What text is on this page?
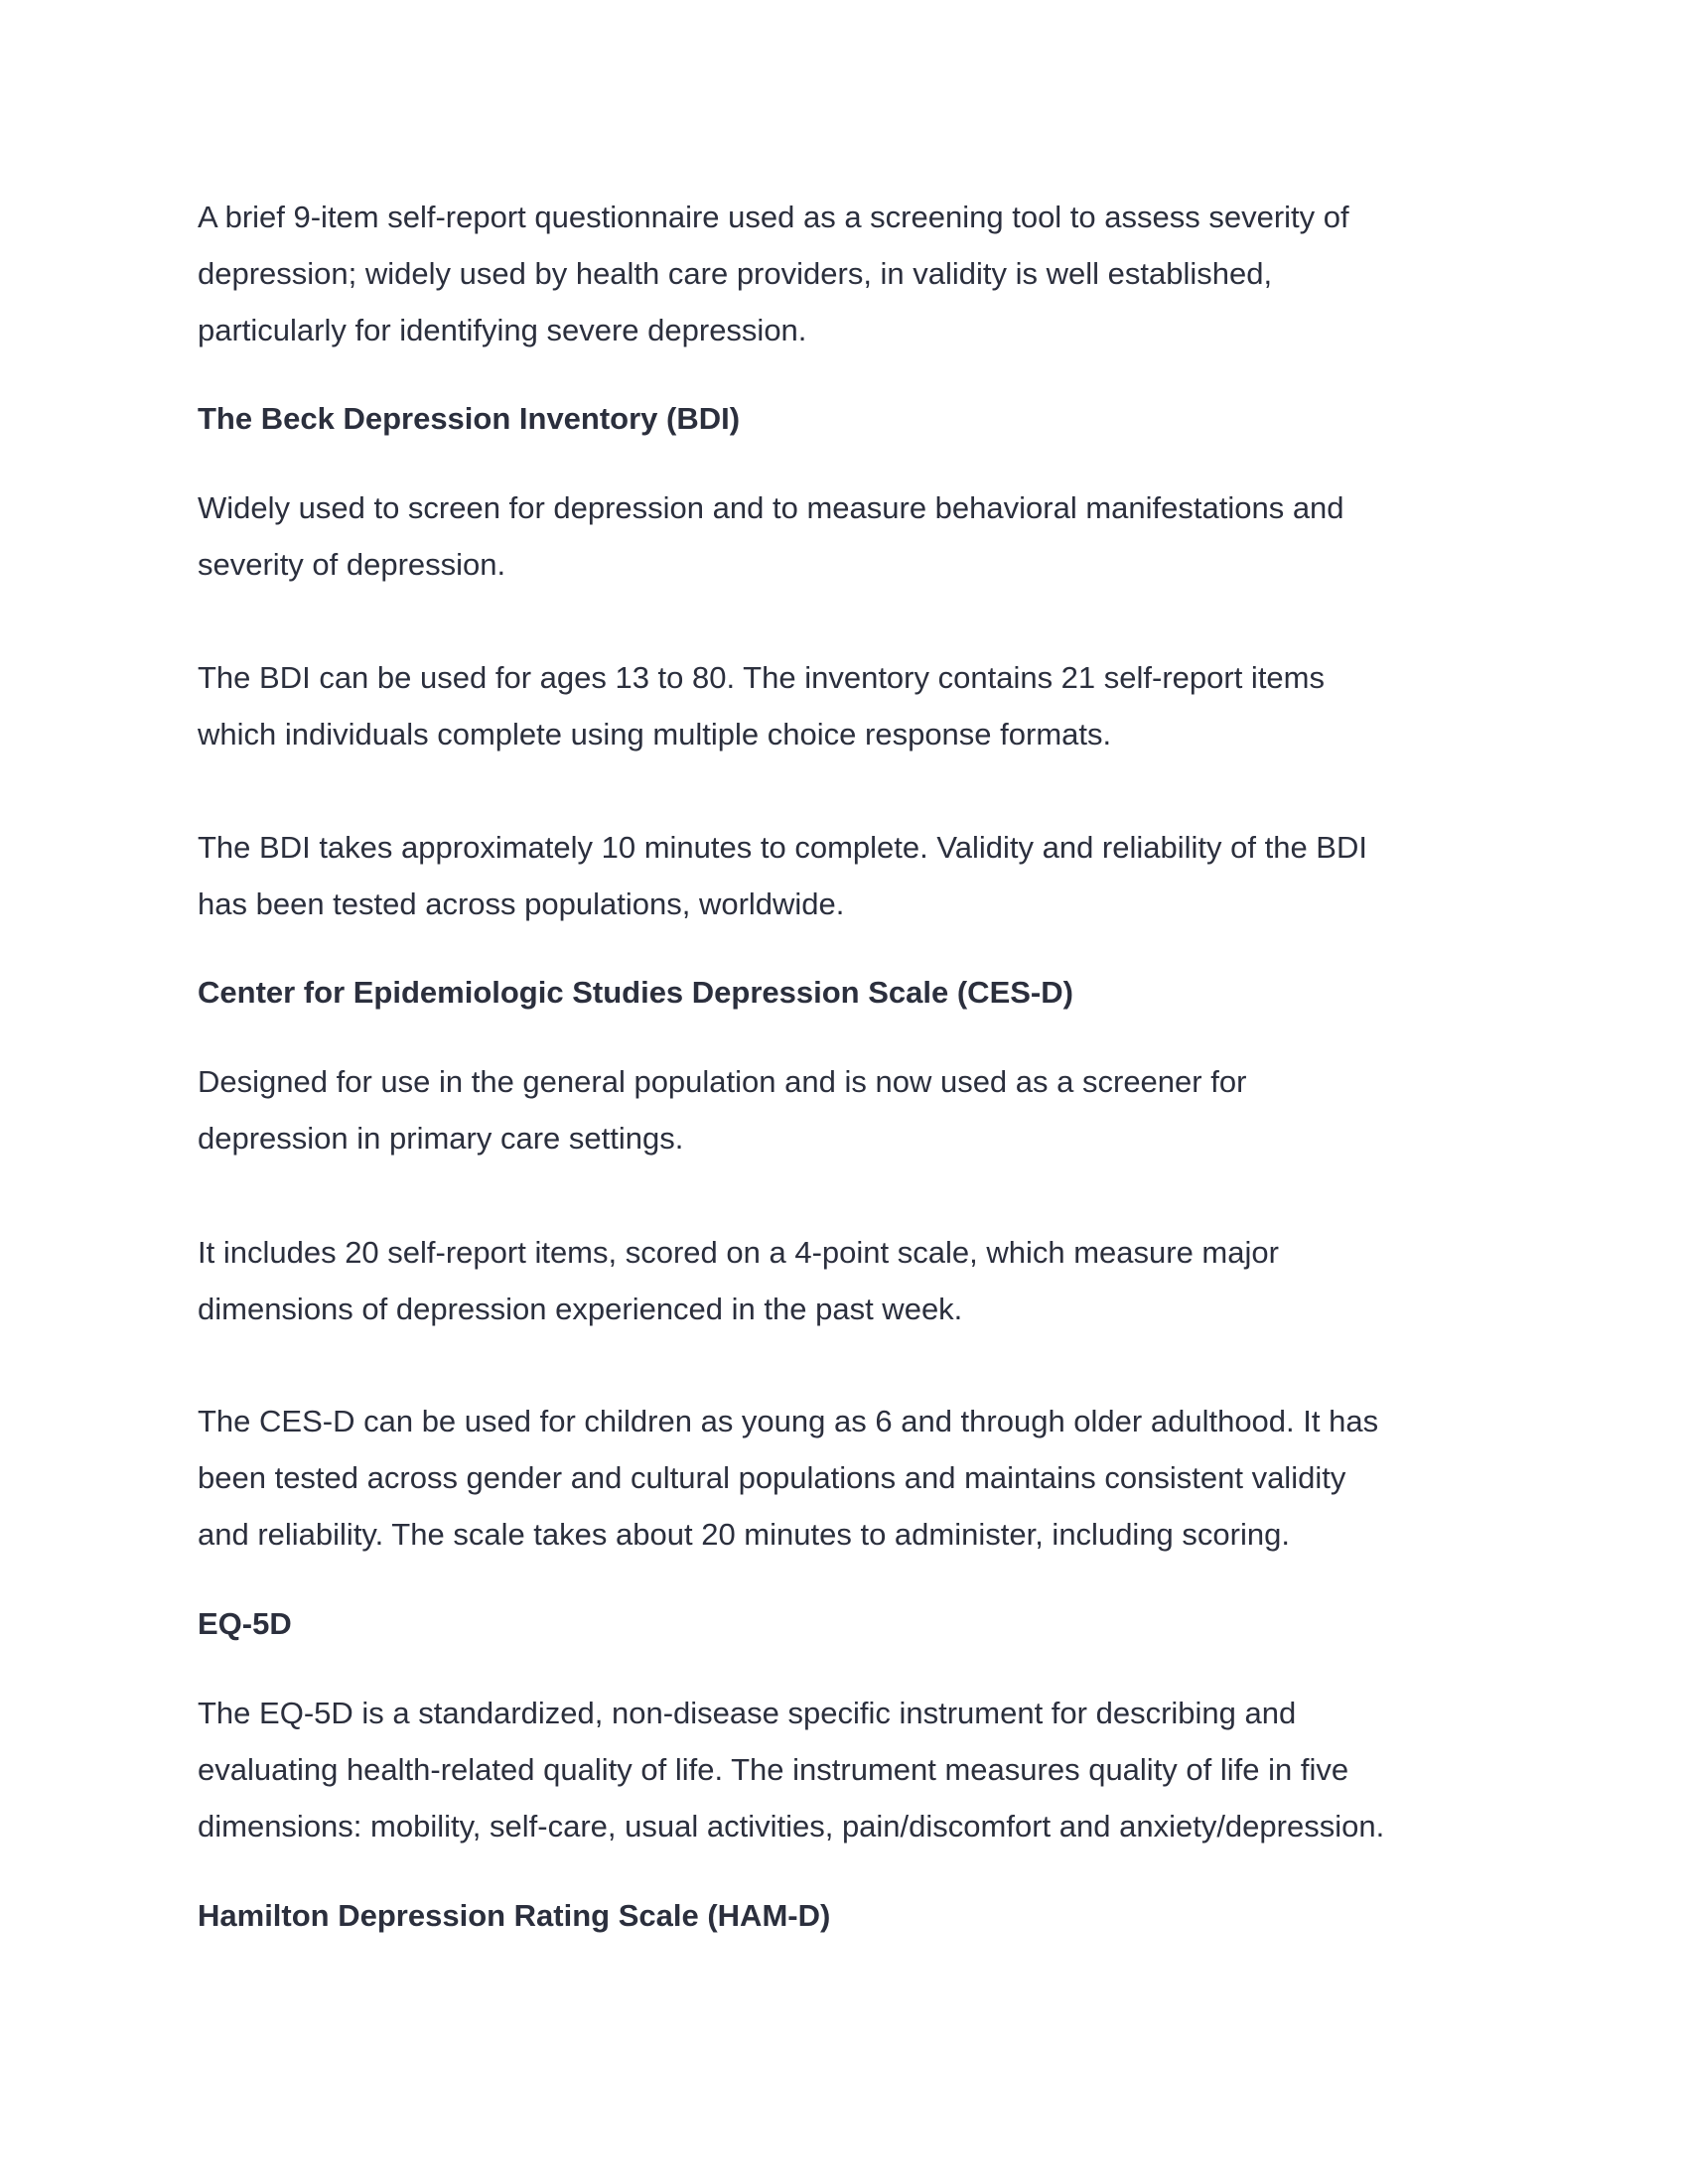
A brief 9-item self-report questionnaire used as a screening tool to assess severity of
depression; widely used by health care providers, in validity is well established,
particularly for identifying severe depression.
The Beck Depression Inventory (BDI)
Widely used to screen for depression and to measure behavioral manifestations and
severity of depression.
The BDI can be used for ages 13 to 80. The inventory contains 21 self-report items
which individuals complete using multiple choice response formats.
The BDI takes approximately 10 minutes to complete. Validity and reliability of the BDI
has been tested across populations, worldwide.
Center for Epidemiologic Studies Depression Scale (CES-D)
Designed for use in the general population and is now used as a screener for
depression in primary care settings.
It includes 20 self-report items, scored on a 4-point scale, which measure major
dimensions of depression experienced in the past week.
The CES-D can be used for children as young as 6 and through older adulthood. It has
been tested across gender and cultural populations and maintains consistent validity
and reliability. The scale takes about 20 minutes to administer, including scoring.
EQ-5D
The EQ-5D is a standardized, non-disease specific instrument for describing and
evaluating health-related quality of life. The instrument measures quality of life in five
dimensions: mobility, self-care, usual activities, pain/discomfort and anxiety/depression.
Hamilton Depression Rating Scale (HAM-D)
